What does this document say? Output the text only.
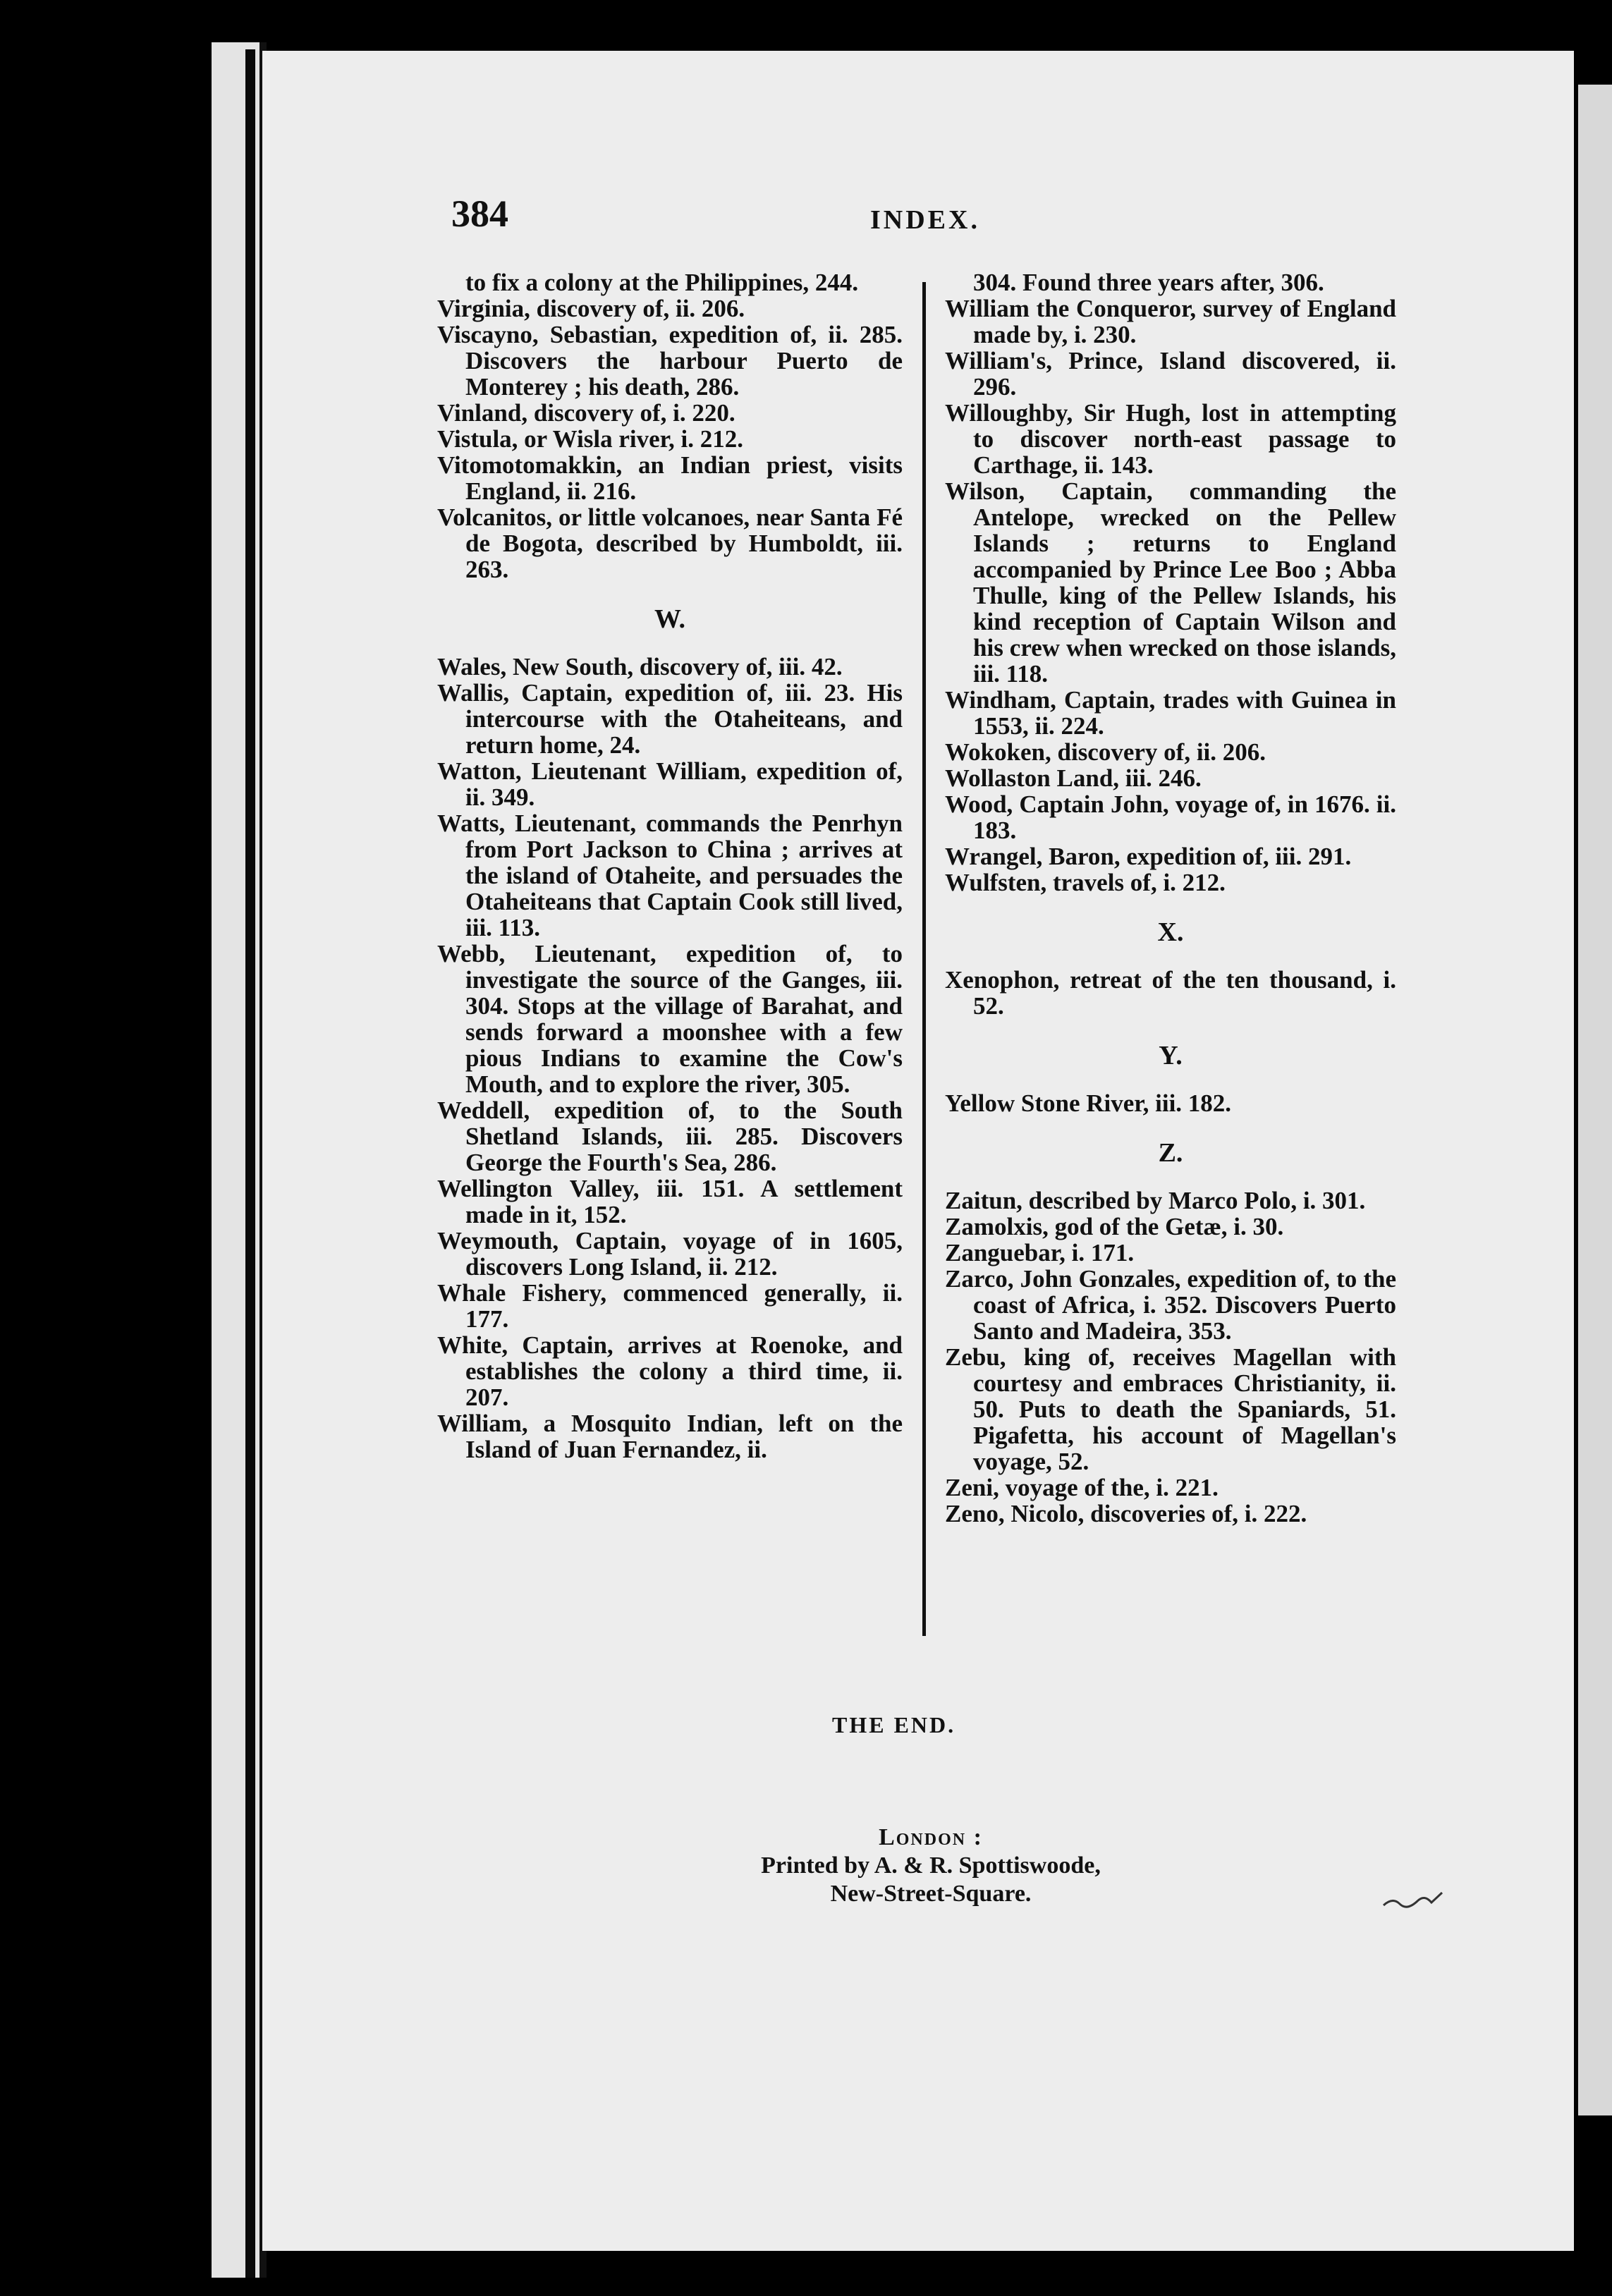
384	INDEX.

to fix a colony at the Philippines, 244.

Virginia, discovery of, ii. 206.

Viscayno, Sebastian, expedition of, ii. 285. Discovers the harbour Puerto de Monterey ; his death, 286.

Vinland, discovery of, i. 220.

Vistula, or Wisla river, i. 212.

Vitomotomakkin, an Indian priest, visits England, ii. 216.

Volcanitos, or little volcanoes, near Santa Fé de Bogota, described by Humboldt, iii. 263.

W.

Wales, New South, discovery of, iii. 42.

Wallis, Captain, expedition of, iii. 23. His intercourse with the Otaheiteans, and return home, 24.

Watton, Lieutenant William, expedition of, ii. 349.

Watts, Lieutenant, commands the Penrhyn from Port Jackson to China ; arrives at the island of Otaheite, and persuades the Otaheiteans that Captain Cook still lived, iii. 113.

Webb, Lieutenant, expedition of, to investigate the source of the Ganges, iii. 304. Stops at the village of Barahat, and sends forward a moonshee with a few pious Indians to examine the Cow's Mouth, and to explore the river, 305.

Weddell, expedition of, to the South Shetland Islands, iii. 285. Discovers George the Fourth's Sea, 286.

Wellington Valley, iii. 151. A settlement made in it, 152.

Weymouth, Captain, voyage of in 1605, discovers Long Island, ii. 212.

Whale Fishery, commenced generally, ii. 177.

White, Captain, arrives at Roenoke, and establishes the colony a third time, ii. 207.

William, a Mosquito Indian, left on the Island of Juan Fernandez, ii.

304. Found three years after, 306.

William the Conqueror, survey of England made by, i. 230.

William's, Prince, Island discovered, ii. 296.

Willoughby, Sir Hugh, lost in attempting to discover north-east passage to Carthage, ii. 143.

Wilson, Captain, commanding the Antelope, wrecked on the Pellew Islands ; returns to England accompanied by Prince Lee Boo ; Abba Thulle, king of the Pellew Islands, his kind reception of Captain Wilson and his crew when wrecked on those islands, iii. 118.

Windham, Captain, trades with Guinea in 1553, ii. 224.

Wokoken, discovery of, ii. 206.

Wollaston Land, iii. 246.

Wood, Captain John, voyage of, in 1676. ii. 183.

Wrangel, Baron, expedition of, iii. 291.

Wulfsten, travels of, i. 212.

X.

Xenophon, retreat of the ten thousand, i. 52.

Y.

Yellow Stone River, iii. 182.

Z.

Zaitun, described by Marco Polo, i. 301.

Zamolxis, god of the Getæ, i. 30.

Zanguebar, i. 171.

Zarco, John Gonzales, expedition of, to the coast of Africa, i. 352. Discovers Puerto Santo and Madeira, 353.

Zebu, king of, receives Magellan with courtesy and embraces Christianity, ii. 50. Puts to death the Spaniards, 51. Pigafetta, his account of Magellan's voyage, 52.

Zeni, voyage of the, i. 221.

Zeno, Nicolo, discoveries of, i. 222.

THE END.
London :
Printed by A. & R. Spottiswoode,
New-Street-Square.
